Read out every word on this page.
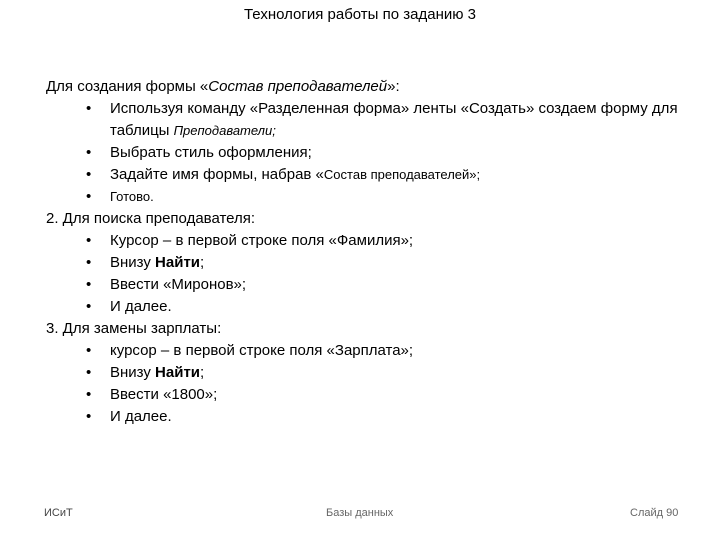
Технология работы по заданию 3

Для создания формы «Состав преподавателей»:

• Используя команду «Разделенная форма» ленты «Создать» создаем форму для таблицы Преподаватели;
• Выбрать стиль оформления;
• Задайте имя формы, набрав «Состав преподавателей»;
• Готово.

2. Для поиска преподавателя:

• Курсор – в первой строке поля «Фамилия»;
• Внизу Найти;
• Ввести «Миронов»;
• И далее.

3. Для замены зарплаты:

• курсор – в первой строке поля «Зарплата»;
• Внизу Найти;
• Ввести «1800»;
• И далее.
ИСиТ	Базы данных	Слайд 90
